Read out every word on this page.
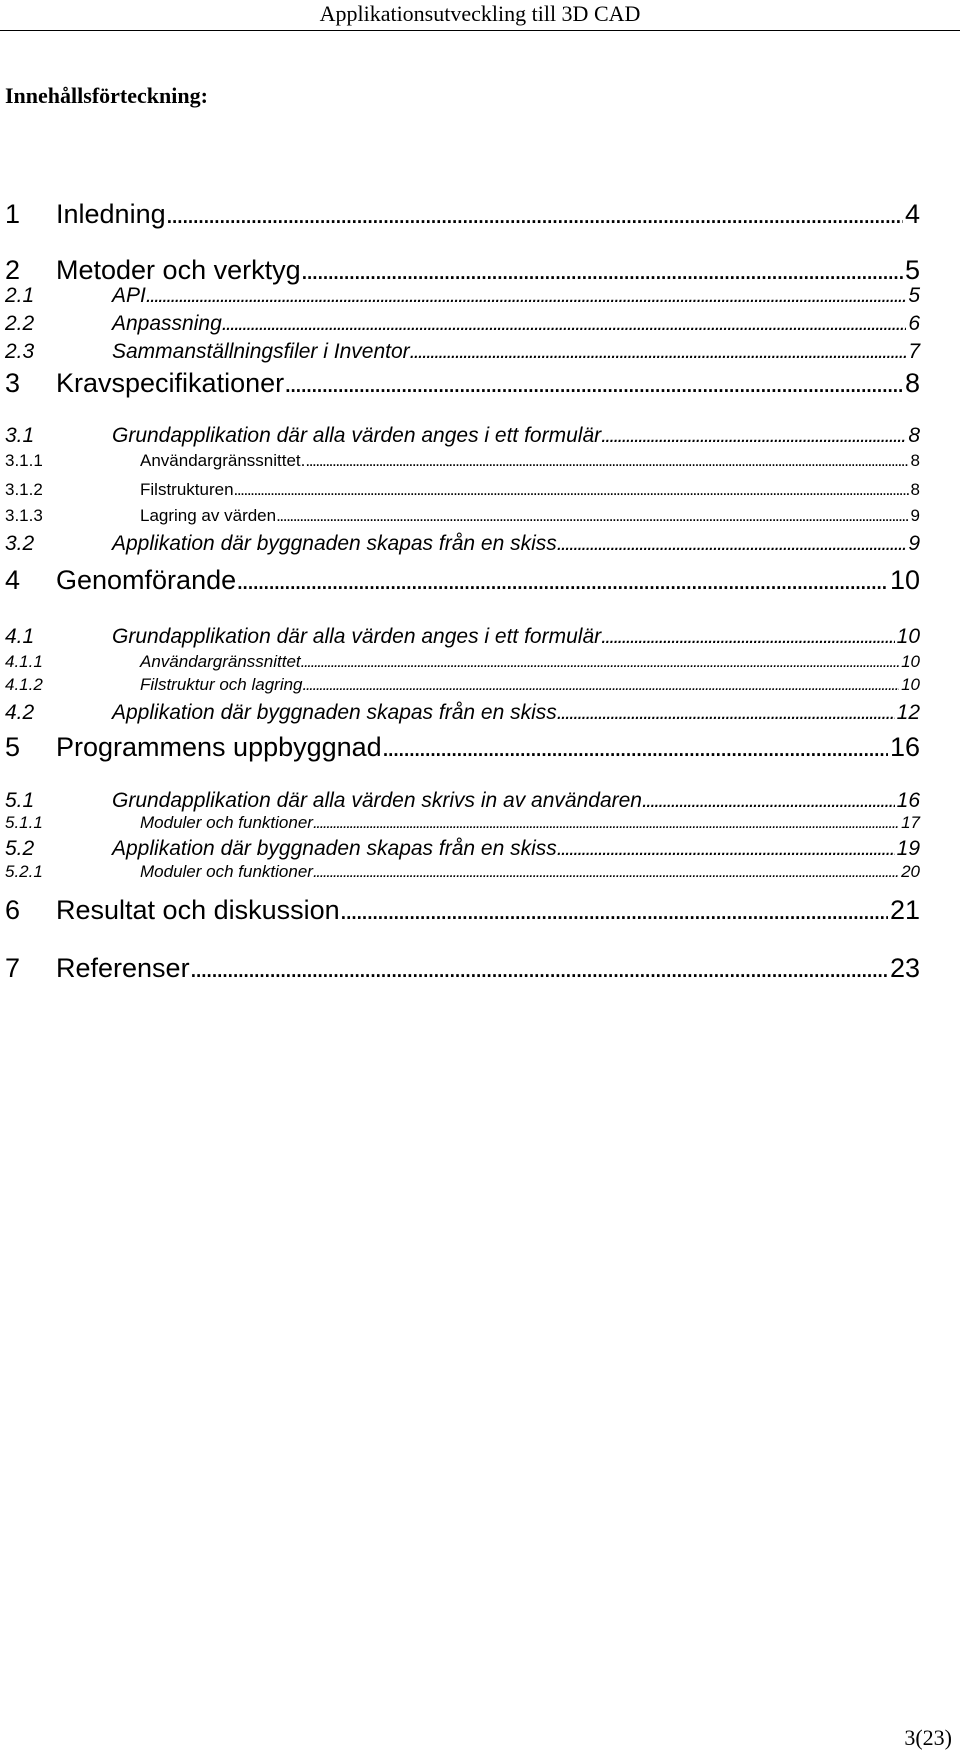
Applikationsutveckling till 3D CAD
Innehållsförteckning:
1 Inledning . . .	4
2 Metoder och verktyg . . .	5
2.1	API . . .	5
2.2	Anpassning . . .	6
2.3	Sammanställningsfiler i Inventor . . .	7
3 Kravspecifikationer . . .	8
3.1	Grundapplikation där alla värden anges i ett formulär . . .	8
3.1.1	Användargränssnittet. . . .	8
3.1.2	Filstrukturen . . .	8
3.1.3	Lagring av värden . . .	9
3.2	Applikation där byggnaden skapas från en skiss . . .	9
4 Genomförande . . .	10
4.1	Grundapplikation där alla värden anges i ett formulär . . .	10
4.1.1	Användargränssnittet . . .	10
4.1.2	Filstruktur och lagring . . .	10
4.2	Applikation där byggnaden skapas från en skiss . . .	12
5 Programmens uppbyggnad . . .	16
5.1	Grundapplikation där alla värden skrivs in av användaren . . .	16
5.1.1	Moduler och funktioner . . .	17
5.2	Applikation där byggnaden skapas från en skiss . . .	19
5.2.1	Moduler och funktioner . . .	20
6 Resultat och diskussion . . .	21
7 Referenser . . .	23
3(23)
